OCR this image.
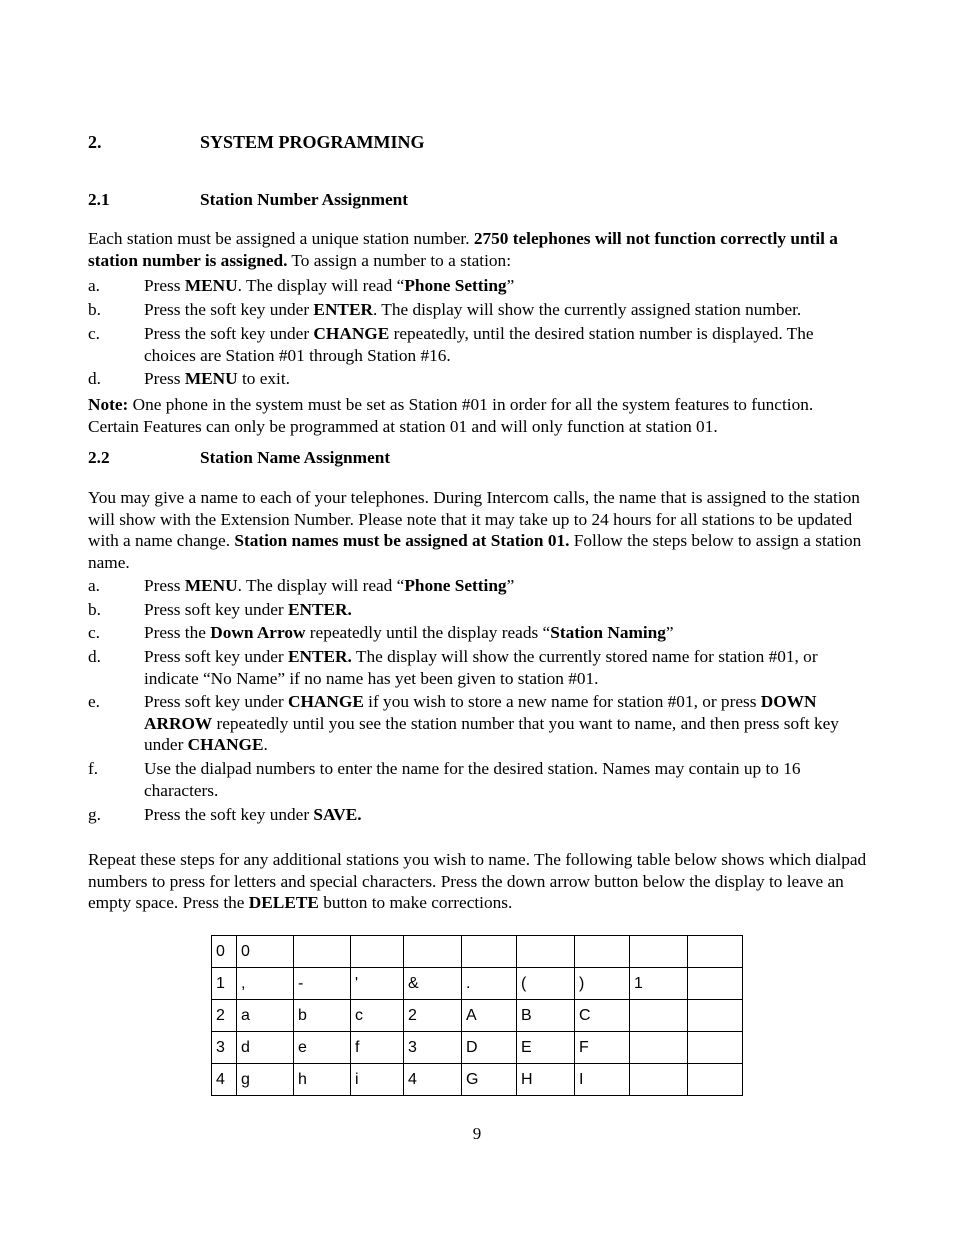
2.	SYSTEM PROGRAMMING
2.1	Station Number Assignment
Each station must be assigned a unique station number. 2750 telephones will not function correctly until a station number is assigned. To assign a number to a station:
a.	Press MENU. The display will read “Phone Setting”
b. Press the soft key under ENTER. The display will show the currently assigned station number.
c.	Press the soft key under CHANGE repeatedly, until the desired station number is displayed. The choices are Station #01 through Station #16.
d. Press MENU to exit.
Note: One phone in the system must be set as Station #01 in order for all the system features to function. Certain Features can only be programmed at station 01 and will only function at station 01.
2.2	Station Name Assignment
You may give a name to each of your telephones. During Intercom calls, the name that is assigned to the station will show with the Extension Number. Please note that it may take up to 24 hours for all stations to be updated with a name change. Station names must be assigned at Station 01. Follow the steps below to assign a station name.
a.	Press MENU. The display will read “Phone Setting”
b. Press soft key under ENTER.
c.	Press the Down Arrow repeatedly until the display reads “Station Naming”
d. Press soft key under ENTER. The display will show the currently stored name for station #01, or indicate “No Name” if no name has yet been given to station #01.
e.	Press soft key under CHANGE if you wish to store a new name for station #01, or press DOWN ARROW repeatedly until you see the station number that you want to name, and then press soft key under CHANGE.
f.	Use the dialpad numbers to enter the name for the desired station. Names may contain up to 16 characters.
g. Press the soft key under SAVE.
Repeat these steps for any additional stations you wish to name. The following table below shows which dialpad numbers to press for letters and special characters. Press the down arrow button below the display to leave an empty space. Press the DELETE button to make corrections.
0	0								
1	,	-	'	&	.	(	)	1	
2	a	b	c	2	A	B	C		
3	d	e	f	3	D	E	F		
4	g	h	i	4	G	H	I		
9
